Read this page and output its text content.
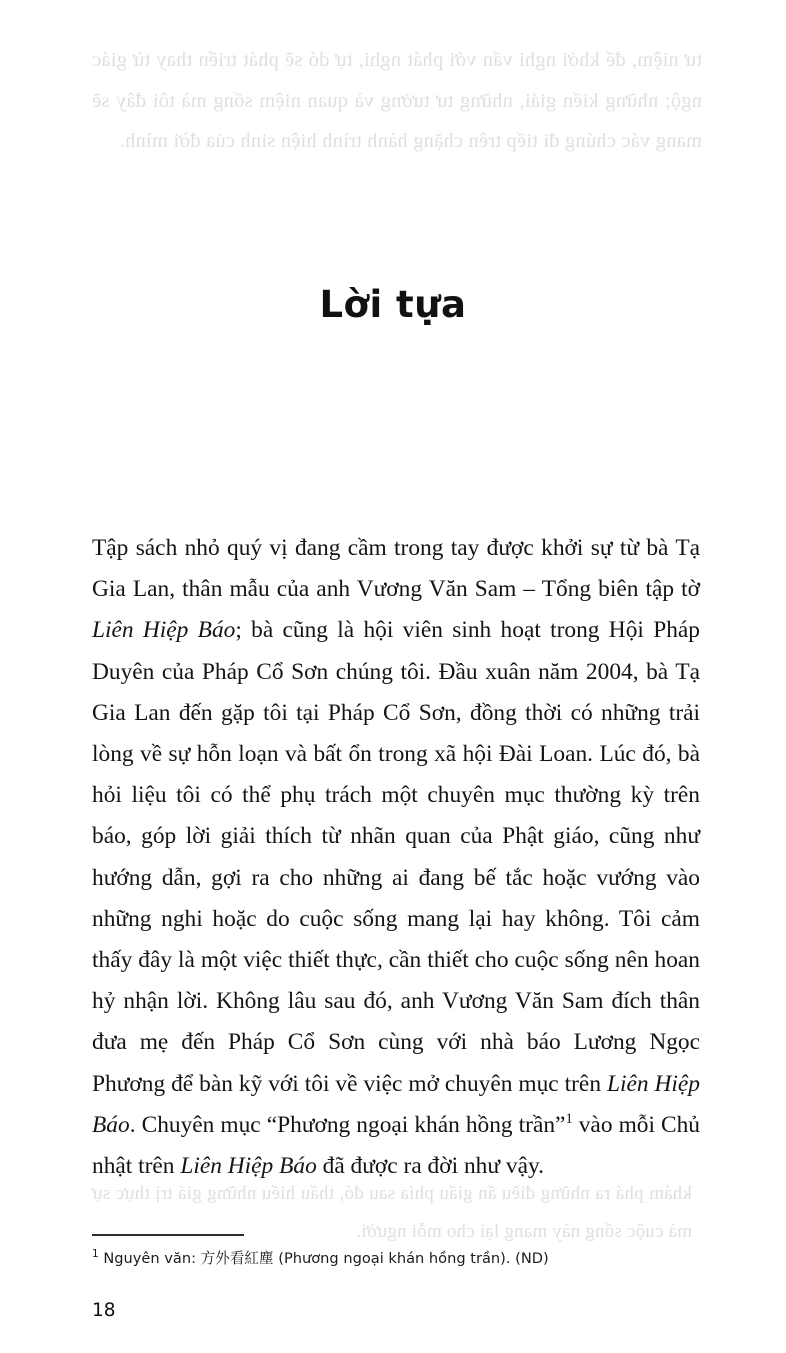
tư niệm, để khởi nghi vấn với phát nghi, tự dó sẽ phát triển thay từ giác ngộ; những kiến giải, những tư tưởng và quan niệm sống mà tôi đây sẽ mang vác chúng đi tiếp trên chặng hành trình hiện sinh của đời mình.
khám phá ra những điều ẩn giấu phía sau đó, thấu hiểu những giá trị thực sự mà cuộc sống này mang lại cho mỗi người.
Lời tựa
Tập sách nhỏ quý vị đang cầm trong tay được khởi sự từ bà Tạ Gia Lan, thân mẫu của anh Vương Văn Sam – Tổng biên tập tờ Liên Hiệp Báo; bà cũng là hội viên sinh hoạt trong Hội Pháp Duyên của Pháp Cổ Sơn chúng tôi. Đầu xuân năm 2004, bà Tạ Gia Lan đến gặp tôi tại Pháp Cổ Sơn, đồng thời có những trải lòng về sự hỗn loạn và bất ổn trong xã hội Đài Loan. Lúc đó, bà hỏi liệu tôi có thể phụ trách một chuyên mục thường kỳ trên báo, góp lời giải thích từ nhãn quan của Phật giáo, cũng như hướng dẫn, gợi ra cho những ai đang bế tắc hoặc vướng vào những nghi hoặc do cuộc sống mang lại hay không. Tôi cảm thấy đây là một việc thiết thực, cần thiết cho cuộc sống nên hoan hỷ nhận lời. Không lâu sau đó, anh Vương Văn Sam đích thân đưa mẹ đến Pháp Cổ Sơn cùng với nhà báo Lương Ngọc Phương để bàn kỹ với tôi về việc mở chuyên mục trên Liên Hiệp Báo. Chuyên mục “Phương ngoại khán hồng trần”$^1$ vào mỗi Chủ nhật trên Liên Hiệp Báo đã được ra đời như vậy.
$^1$ Nguyên văn: 方外看紅塵 (Phương ngoại khán hồng trần). (ND)
18
